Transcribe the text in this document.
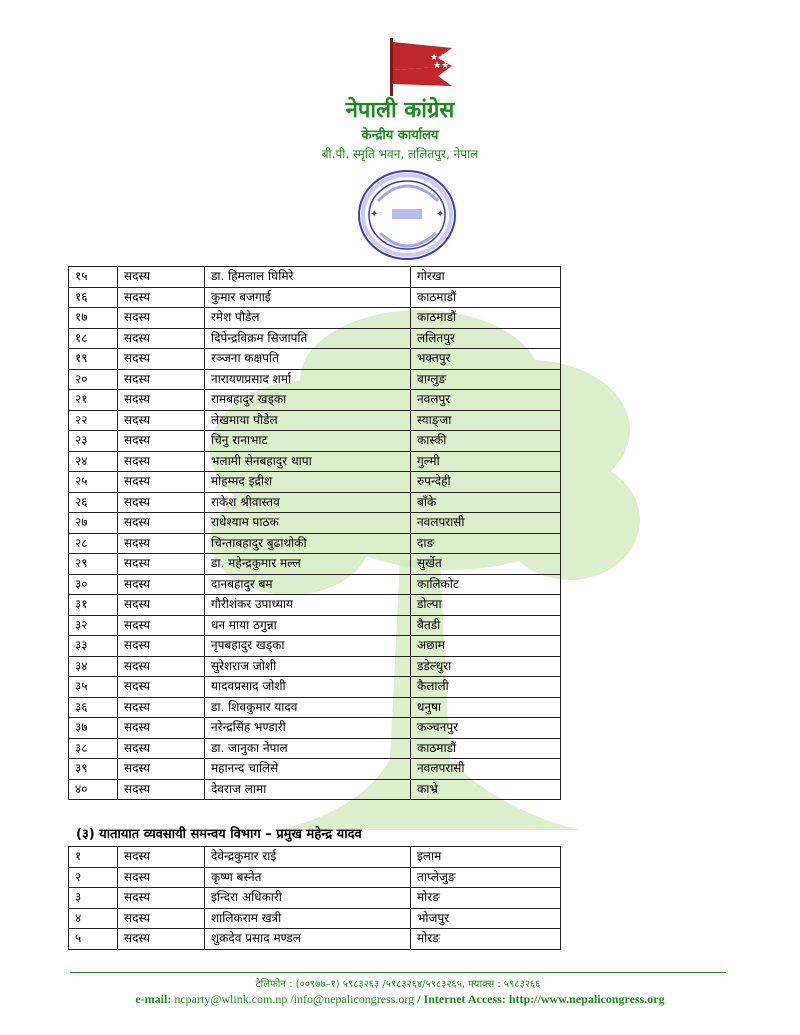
★★
★★
नेपाली कांग्रेस
केन्द्रीय कार्यालय
बी.पी. स्मृति भवन, ललितपुर, नेपाल
✦	✦
१५	सदस्य	डा. हिमलाल घिमिरे	गोरखा
१६	सदस्य	कुमार बजगाई	काठमाडौं
१७	सदस्य	रमेश पौडेल	काठमाडौं
१८	सदस्य	दिपेन्द्रविक्रम सिजापति	ललितपुर
१९	सदस्य	रञ्जना कक्षपति	भक्तपुर
२०	सदस्य	नारायणप्रसाद शर्मा	बाग्लुङ
२१	सदस्य	रामबहादुर खड्का	नवलपुर
२२	सदस्य	लेखमाया पौडेल	स्याङ्जा
२३	सदस्य	चिनु रानाभाट	कास्की
२४	सदस्य	भलामी सेनबहादुर थापा	गुल्मी
२५	सदस्य	मोहम्मद इद्रीश	रुपन्देही
२६	सदस्य	राकेश श्रीवास्तव	बाँके
२७	सदस्य	राधेश्याम पाठक	नवलपरासी
२८	सदस्य	चिन्ताबहादुर बुढाथोकी	दाङ
२९	सदस्य	डा. महेन्द्रकुमार मल्ल	सुर्खेत
३०	सदस्य	दानबहादुर बम	कालिकोट
३१	सदस्य	गौरीशंकर उपाध्याय	डोल्पा
३२	सदस्य	धन माया ठगुन्ना	बैतडी
३३	सदस्य	नृपबहादुर खड्का	अछाम
३४	सदस्य	सुरेशराज जोशी	डडेल्धुरा
३५	सदस्य	यादवप्रसाद जोशी	कैलाली
३६	सदस्य	डा. शिवकुमार यादव	धनुषा
३७	सदस्य	नरेन्द्रसिंह भण्डारी	कञ्चनपुर
३८	सदस्य	डा. जानुका नेपाल	काठमाडौं
३९	सदस्य	महानन्द चालिसे	नवलपरासी
४०	सदस्य	देवराज लामा	काभ्रे
(३) यातायात व्यवसायी समन्वय विभाग – प्रमुख महेन्द्र यादव
१	सदस्य	देवेन्द्रकुमार राई	इलाम
२	सदस्य	कृष्ण बस्नेत	ताप्लेजुङ
३	सदस्य	इन्दिरा अधिकारी	मोरङ
४	सदस्य	शालिकराम खत्री	भोजपुर
५	सदस्य	शुकदेव प्रसाद मण्डल	मोरङ
टेलिफोन : (००९७७–१) ५९८३२६३ /५९८३२६४/५९८३२६५, फ्याक्स : ५९८३२६६
e-mail: ncparty@wlink.com.np /info@nepalicongress.org / Internet Access: http://www.nepalicongress.org
